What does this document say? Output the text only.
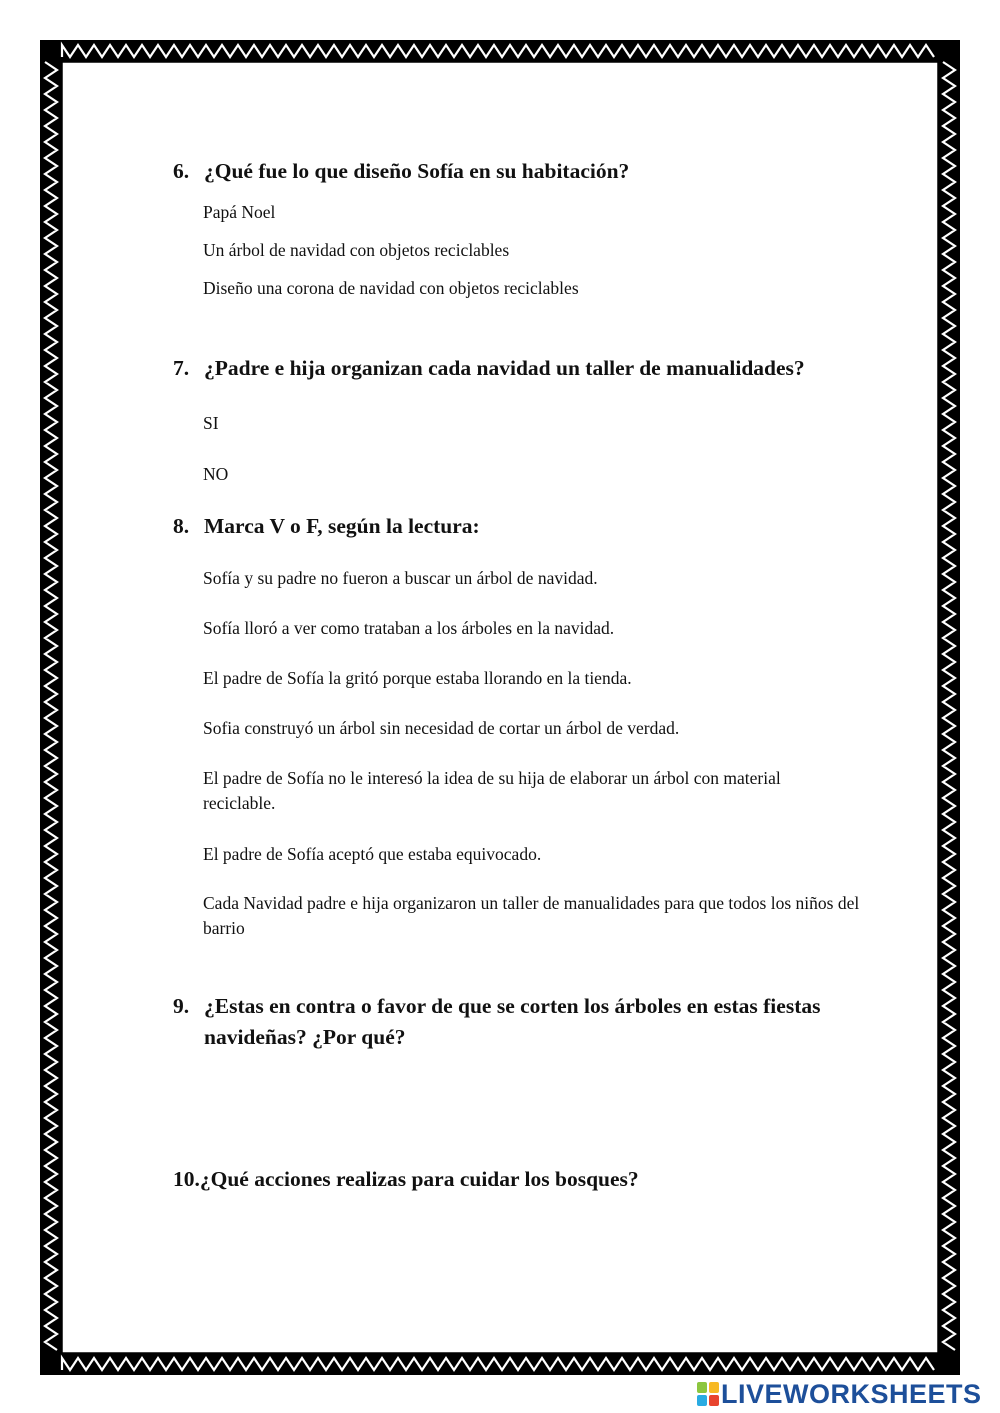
6. ¿Qué fue lo que diseño Sofía en su habitación?
Papá Noel
Un árbol de navidad con objetos reciclables
Diseño una corona de navidad con objetos reciclables
7. ¿Padre e hija organizan cada navidad un taller de manualidades?
SI
NO
8. Marca V o F, según la lectura:
Sofía y su padre no fueron a buscar un árbol de navidad.
Sofía lloró a ver como trataban a los árboles en la navidad.
El padre de Sofía la gritó porque estaba llorando en la tienda.
Sofia construyó un árbol sin necesidad de cortar un árbol de verdad.
El padre de Sofía no le interesó la idea de su hija de elaborar un árbol con material reciclable.
El padre de Sofía aceptó que estaba equivocado.
Cada Navidad padre e hija organizaron un taller de manualidades para que todos los niños del barrio
9. ¿Estas en contra o favor de que se corten los árboles en estas fiestas navideñas? ¿Por qué?
10.¿Qué acciones realizas para cuidar los bosques?
LIVEWORKSHEETS
